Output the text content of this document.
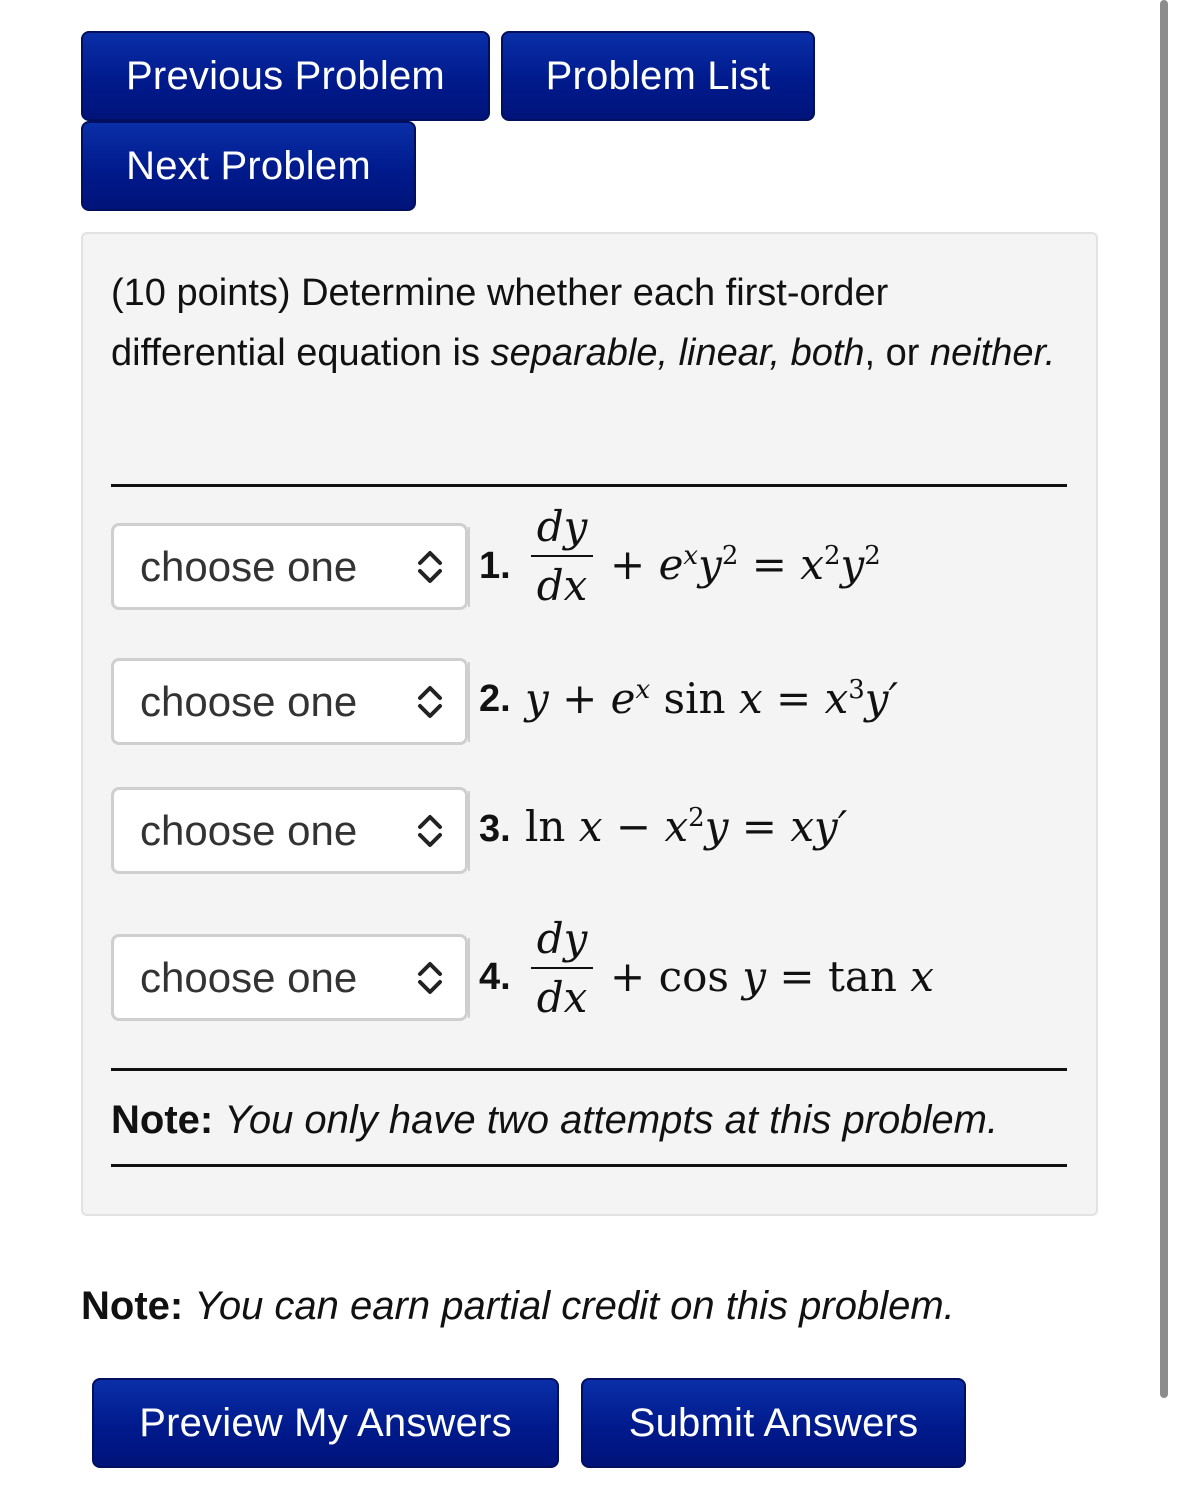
Previous Problem	Problem List
Next Problem
(10 points) Determine whether each first-order differential equation is separable, linear, both, or neither.
choose one	1.
dy
dx + $e^xy^2 = x^2y^2$
choose one	2. $y + e^x$ $\sin x = x^3y'$
choose one	3. $\ln x - x^2y = xy'$
choose one	4.
dy
dx + cos y = tan x
Note: You only have two attempts at this problem.
Note: You can earn partial credit on this problem.
Preview My Answers	Submit Answers
